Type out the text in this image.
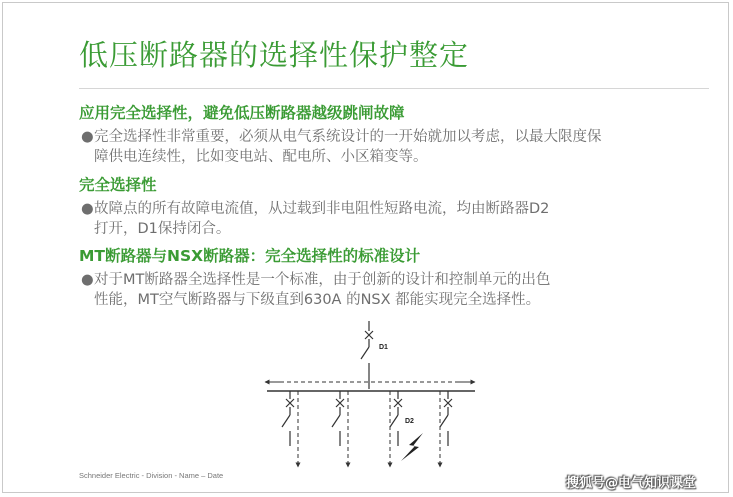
低压断路器的选择性保护整定
应用完全选择性，避免低压断路器越级跳闸故障
● 完全选择性非常重要，必须从电气系统设计的一开始就加以考虑，以最大限度保
障供电连续性，比如变电站、配电所、小区箱变等。
完全选择性
● 故障点的所有故障电流值，从过载到非电阻性短路电流，均由断路器D2
打开，D1保持闭合。
MT断路器与NSX断路器：完全选择性的标准设计
● 对于MT断路器全选择性是一个标准，由于创新的设计和控制单元的出色
性能，MT空气断路器与下级直到630A 的NSX 都能实现完全选择性。
D1
D2
Schneider Electric - Division - Name – Date
搜狐号@电气知识课堂
